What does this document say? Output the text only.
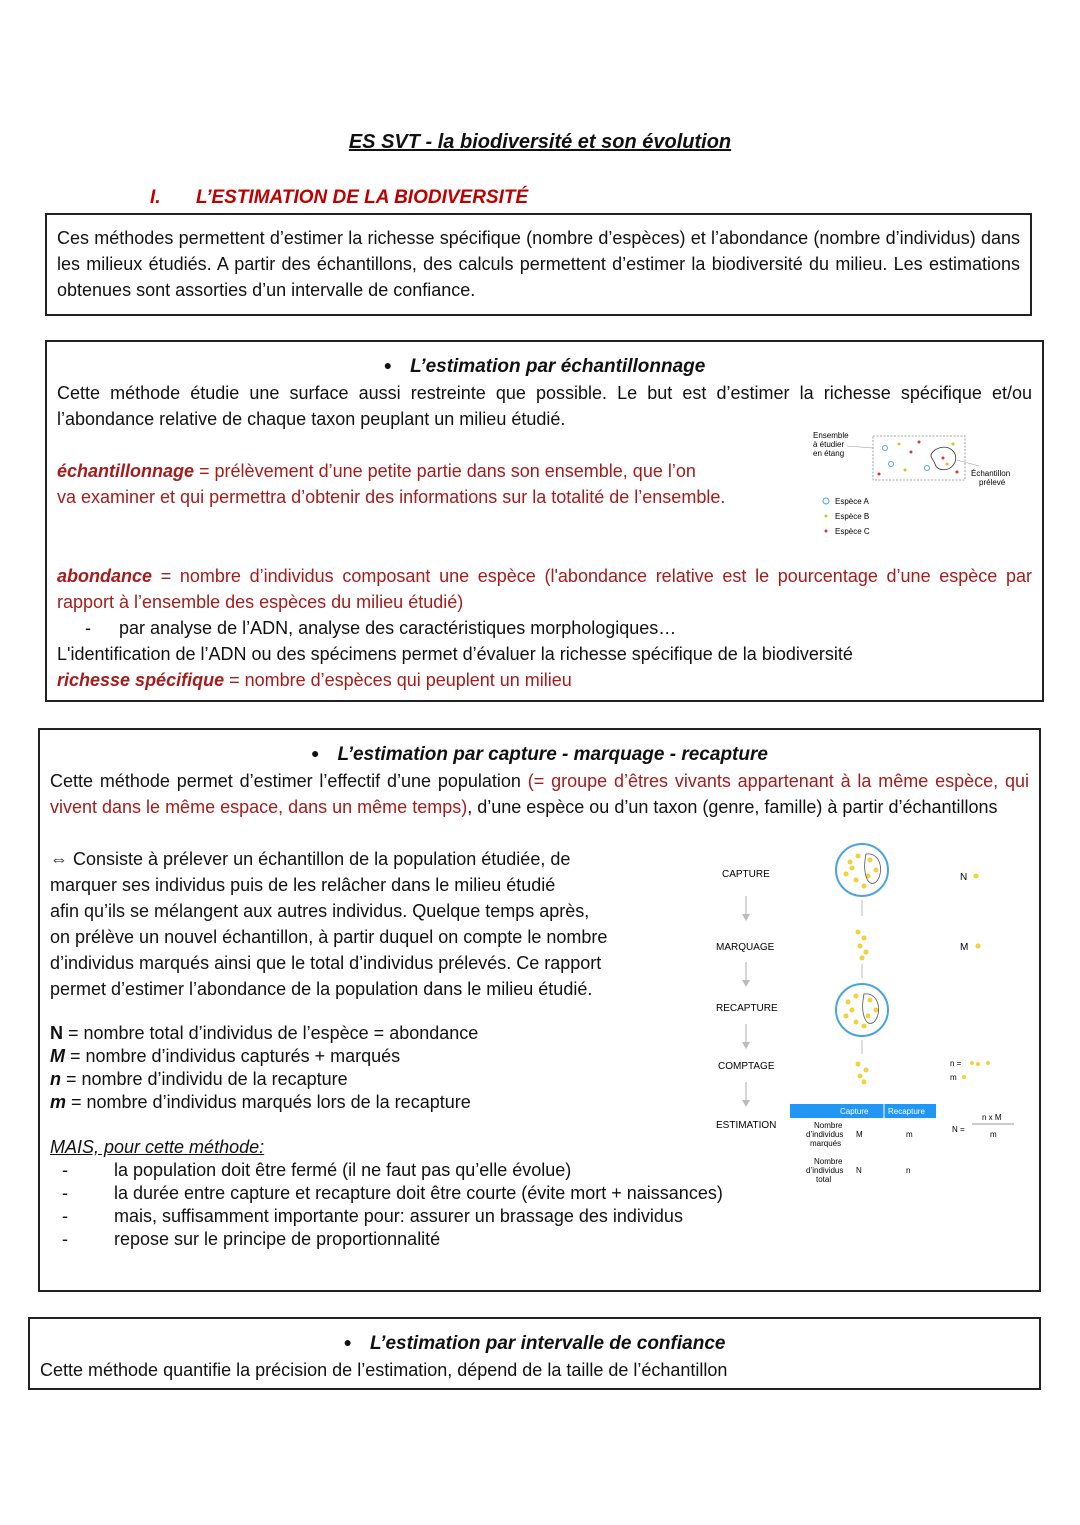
ES SVT - la biodiversité et son évolution
I. L’ESTIMATION DE LA BIODIVERSITÉ
Ces méthodes permettent d’estimer la richesse spécifique (nombre d’espèces) et l’abondance (nombre d’individus) dans les milieux étudiés. A partir des échantillons, des calculs permettent d’estimer la biodiversité du milieu. Les estimations obtenues sont assorties d’un intervalle de confiance.
● L’estimation par échantillonnage
Cette méthode étudie une surface aussi restreinte que possible. Le but est d’estimer la richesse spécifique et/ou l’abondance relative de chaque taxon peuplant un milieu étudié.
échantillonnage = prélèvement d’une petite partie dans son ensemble, que l’on
va examiner et qui permettra d’obtenir des informations sur la totalité de l’ensemble.
abondance = nombre d’individus composant une espèce (l'abondance relative est le pourcentage d’une espèce par rapport à l’ensemble des espèces du milieu étudié)
- par analyse de l’ADN, analyse des caractéristiques morphologiques…
L'identification de l’ADN ou des spécimens permet d’évaluer la richesse spécifique de la biodiversité
richesse spécifique = nombre d’espèces qui peuplent un milieu
Ensemble
à étudier
en étang
Échantillon
prélevé
Espèce A
Espèce B
Espèce C
● L’estimation par capture - marquage - recapture
Cette méthode permet d’estimer l’effectif d’une population (= groupe d’êtres vivants appartenant à la même espèce, qui vivent dans le même espace, dans un même temps), d’une espèce ou d’un taxon (genre, famille) à partir d’échantillons
⇔ Consiste à prélever un échantillon de la population étudiée, de
marquer ses individus puis de les relâcher dans le milieu étudié
afin qu’ils se mélangent aux autres individus. Quelque temps après,
on prélève un nouvel échantillon, à partir duquel on compte le nombre
d’individus marqués ainsi que le total d’individus prélevés. Ce rapport
permet d’estimer l’abondance de la population dans le milieu étudié.
N = nombre total d’individus de l’espèce = abondance
M = nombre d’individus capturés + marqués
n = nombre d’individu de la recapture
m = nombre d’individus marqués lors de la recapture
MAIS, pour cette méthode:
-	la population doit être fermé (il ne faut pas qu’elle évolue)
-	la durée entre capture et recapture doit être courte (évite mort + naissances)
-	mais, suffisamment importante pour: assurer un brassage des individus
-	repose sur le principe de proportionnalité
CAPTURE
MARQUAGE
RECAPTURE
COMPTAGE
ESTIMATION
N
M
n =
m
Capture Recapture
Nombre
d’individus
marqués
M	m
Nombre
d’individus
total
N	n
N =
n x M
m
● L’estimation par intervalle de confiance
Cette méthode quantifie la précision de l’estimation, dépend de la taille de l’échantillon
